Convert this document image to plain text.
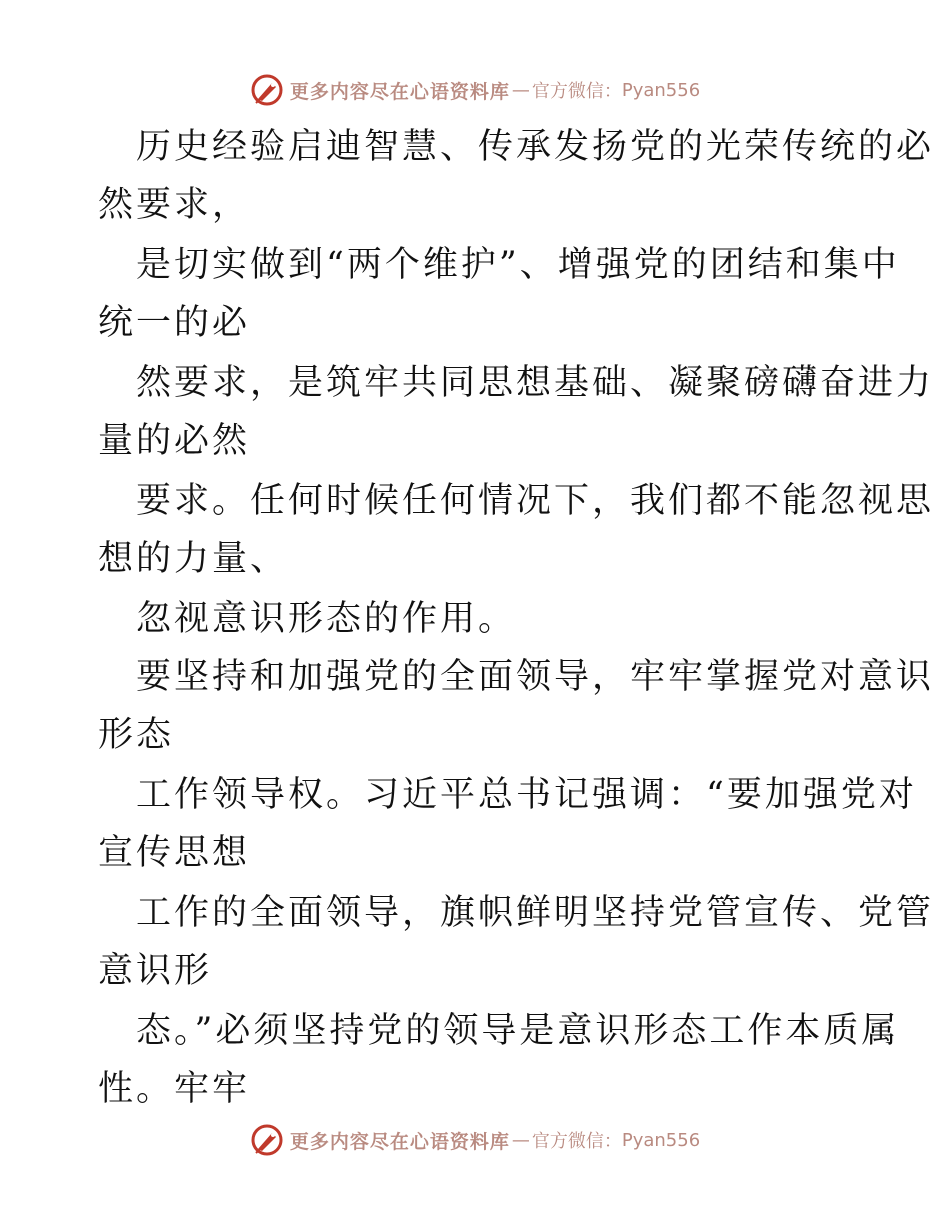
更多内容尽在心语资料库 — 官方微信： Pyan556
历史经验启迪智慧、传承发扬党的光荣传统的必
然要求，
是切实做到“两个维护”、增强党的团结和集中
统一的必
然要求，是筑牢共同思想基础、凝聚磅礴奋进力
量的必然
要求。任何时候任何情况下，我们都不能忽视思
想的力量、
忽视意识形态的作用。
要坚持和加强党的全面领导，牢牢掌握党对意识
形态
工作领导权。习近平总书记强调：“要加强党对
宣传思想
工作的全面领导，旗帜鲜明坚持党管宣传、党管
意识形
态。”必须坚持党的领导是意识形态工作本质属
性。牢牢
更多内容尽在心语资料库 — 官方微信： Pyan556
